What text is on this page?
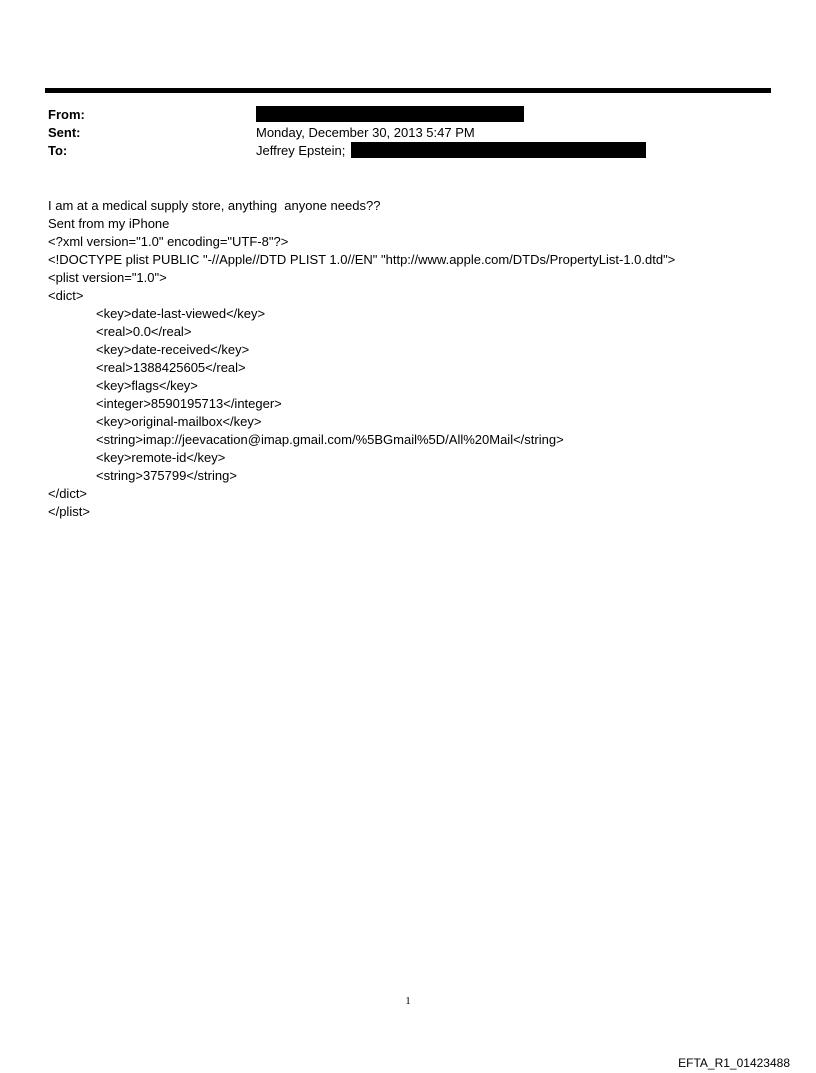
From:
Sent:	Monday, December 30, 2013 5:47 PM
To:	Jeffrey Epstein;
I am at a medical supply store, anything  anyone needs??
Sent from my iPhone
<?xml version="1.0" encoding="UTF-8"?>
<!DOCTYPE plist PUBLIC "-//Apple//DTD PLIST 1.0//EN" "http://www.apple.com/DTDs/PropertyList-1.0.dtd">
<plist version="1.0">
<dict>
<key>date-last-viewed</key>
<real>0.0</real>
<key>date-received</key>
<real>1388425605</real>
<key>flags</key>
<integer>8590195713</integer>
<key>original-mailbox</key>
<string>imap://jeevacation@imap.gmail.com/%5BGmail%5D/All%20Mail</string>
<key>remote-id</key>
<string>375799</string>
</dict>
</plist>
1
EFTA_R1_01423488
